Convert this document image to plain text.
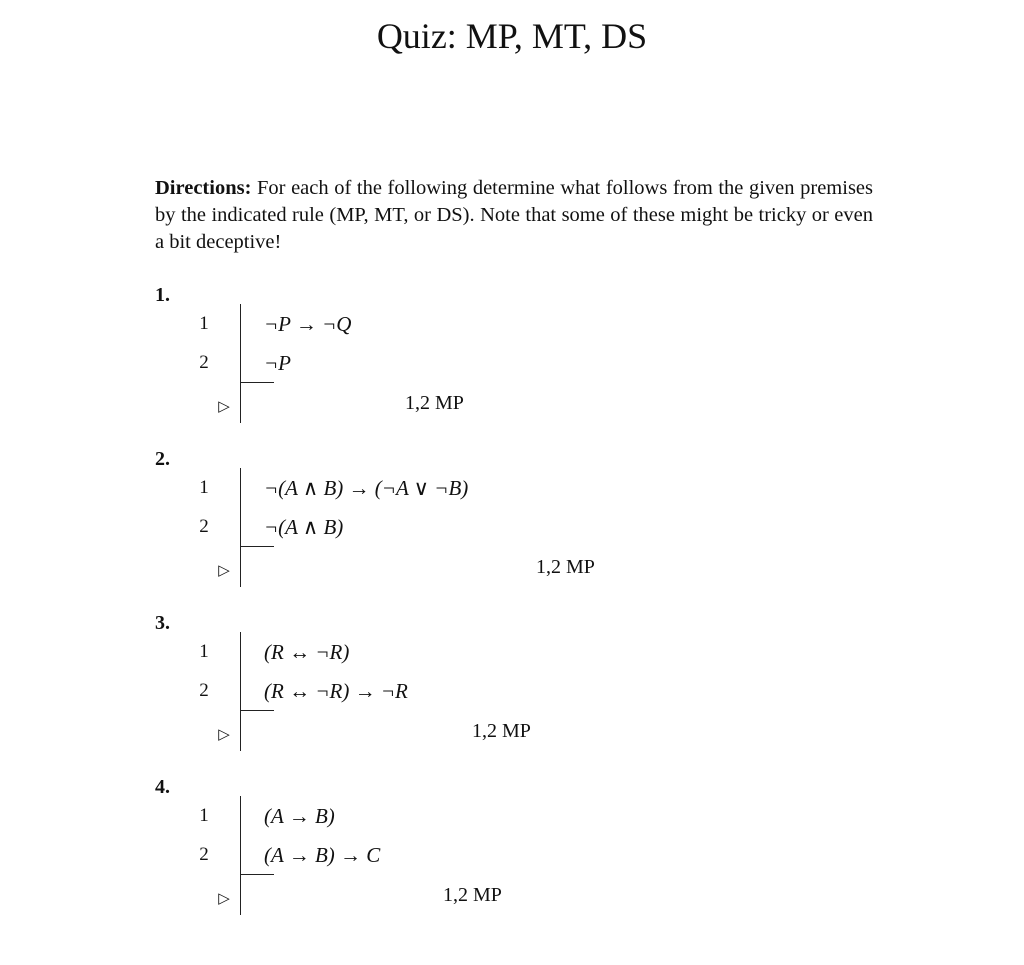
Quiz: MP, MT, DS
Directions: For each of the following determine what follows from the given premises by the indicated rule (MP, MT, or DS). Note that some of these might be tricky or even a bit deceptive!
1.
1	¬P → ¬Q
2	¬P
▷	1,2 MP
2.
1	¬(A ∧ B) → (¬A ∨ ¬B)
2	¬(A ∧ B)
▷	1,2 MP
3.
1	(R ↔ ¬R)
2	(R ↔ ¬R) → ¬R
▷	1,2 MP
4.
1	(A → B)
2	(A → B) → C
▷	1,2 MP
